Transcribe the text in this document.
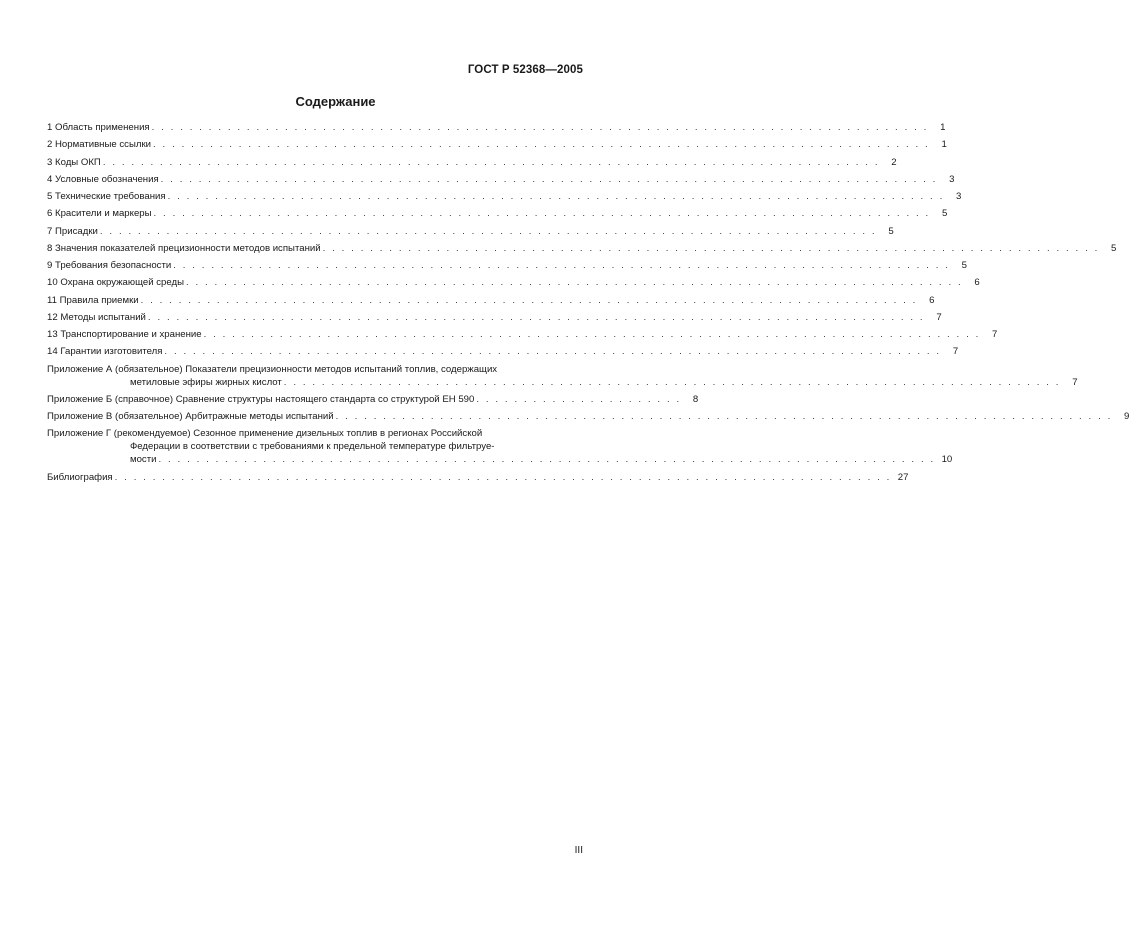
ГОСТ Р 52368—2005
Содержание
1 Область применения . . . . . . . . . . . . . . . . . . . . . . . . . . . . . . . . . . . . . . . . . . . . . . . . . . . . . . . . . . . . . . . . . . . . . . . . . . . . . . . . . .	1
2 Нормативные ссылки . . . . . . . . . . . . . . . . . . . . . . . . . . . . . . . . . . . . . . . . . . . . . . . . . . . . . . . . . . . . . . . . . . . . . . . . . . . . . . . . . .	1
3 Коды ОКП . . . . . . . . . . . . . . . . . . . . . . . . . . . . . . . . . . . . . . . . . . . . . . . . . . . . . . . . . . . . . . . . . . . . . . . . . . . . . . . . . .	2
4 Условные обозначения . . . . . . . . . . . . . . . . . . . . . . . . . . . . . . . . . . . . . . . . . . . . . . . . . . . . . . . . . . . . . . . . . . . . . . . . . . . . . . . . . .	3
5 Технические требования . . . . . . . . . . . . . . . . . . . . . . . . . . . . . . . . . . . . . . . . . . . . . . . . . . . . . . . . . . . . . . . . . . . . . . . . . . . . . . . . . .	3
6 Красители и маркеры . . . . . . . . . . . . . . . . . . . . . . . . . . . . . . . . . . . . . . . . . . . . . . . . . . . . . . . . . . . . . . . . . . . . . . . . . . . . . . . . . .	5
7 Присадки . . . . . . . . . . . . . . . . . . . . . . . . . . . . . . . . . . . . . . . . . . . . . . . . . . . . . . . . . . . . . . . . . . . . . . . . . . . . . . . . . .	5
8 Значения показателей прецизионности методов испытаний . . . . . . . . . . . . . . . . . . . . . . . . . . . . . . . . . . . . . . . . . . . . . . . . . . . . . . . . . . . . . . . . . . . . . . . . . . . . . . . . . .	5
9 Требования безопасности . . . . . . . . . . . . . . . . . . . . . . . . . . . . . . . . . . . . . . . . . . . . . . . . . . . . . . . . . . . . . . . . . . . . . . . . . . . . . . . . . .	5
10 Охрана окружающей среды . . . . . . . . . . . . . . . . . . . . . . . . . . . . . . . . . . . . . . . . . . . . . . . . . . . . . . . . . . . . . . . . . . . . . . . . . . . . . . . . . .	6
11 Правила приемки . . . . . . . . . . . . . . . . . . . . . . . . . . . . . . . . . . . . . . . . . . . . . . . . . . . . . . . . . . . . . . . . . . . . . . . . . . . . . . . . . .	6
12 Методы испытаний . . . . . . . . . . . . . . . . . . . . . . . . . . . . . . . . . . . . . . . . . . . . . . . . . . . . . . . . . . . . . . . . . . . . . . . . . . . . . . . . . .	7
13 Транспортирование и хранение . . . . . . . . . . . . . . . . . . . . . . . . . . . . . . . . . . . . . . . . . . . . . . . . . . . . . . . . . . . . . . . . . . . . . . . . . . . . . . . . . .	7
14 Гарантии изготовителя . . . . . . . . . . . . . . . . . . . . . . . . . . . . . . . . . . . . . . . . . . . . . . . . . . . . . . . . . . . . . . . . . . . . . . . . . . . . . . . . . .	7
Приложение А (обязательное) Показатели прецизионности методов испытаний топлив, содержащих
метиловые эфиры жирных кислот . . . . . . . . . . . . . . . . . . . . . . . . . . . . . . . . . . . . . . . . . . . . . . . . . . . . . . . . . . . . . . . . . . . . . . . . . . . . . . . . . .	7
Приложение Б (справочное) Сравнение структуры настоящего стандарта со структурой ЕН 590 . . . . . . . . . . . . . . . . . . . . . .	8
Приложение В (обязательное) Арбитражные методы испытаний . . . . . . . . . . . . . . . . . . . . . . . . . . . . . . . . . . . . . . . . . . . . . . . . . . . . . . . . . . . . . . . . . . . . . . . . . . . . . . . . . .	9
Приложение Г (рекомендуемое) Сезонное применение дизельных топлив в регионах Российской
Федерации в соответствии с требованиями к предельной температуре фильтруе-
мости . . . . . . . . . . . . . . . . . . . . . . . . . . . . . . . . . . . . . . . . . . . . . . . . . . . . . . . . . . . . . . . . . . . . . . . . . . . . . . . . . . 10
Библиография . . . . . . . . . . . . . . . . . . . . . . . . . . . . . . . . . . . . . . . . . . . . . . . . . . . . . . . . . . . . . . . . . . . . . . . . . . . . . . . . . . 27
III
